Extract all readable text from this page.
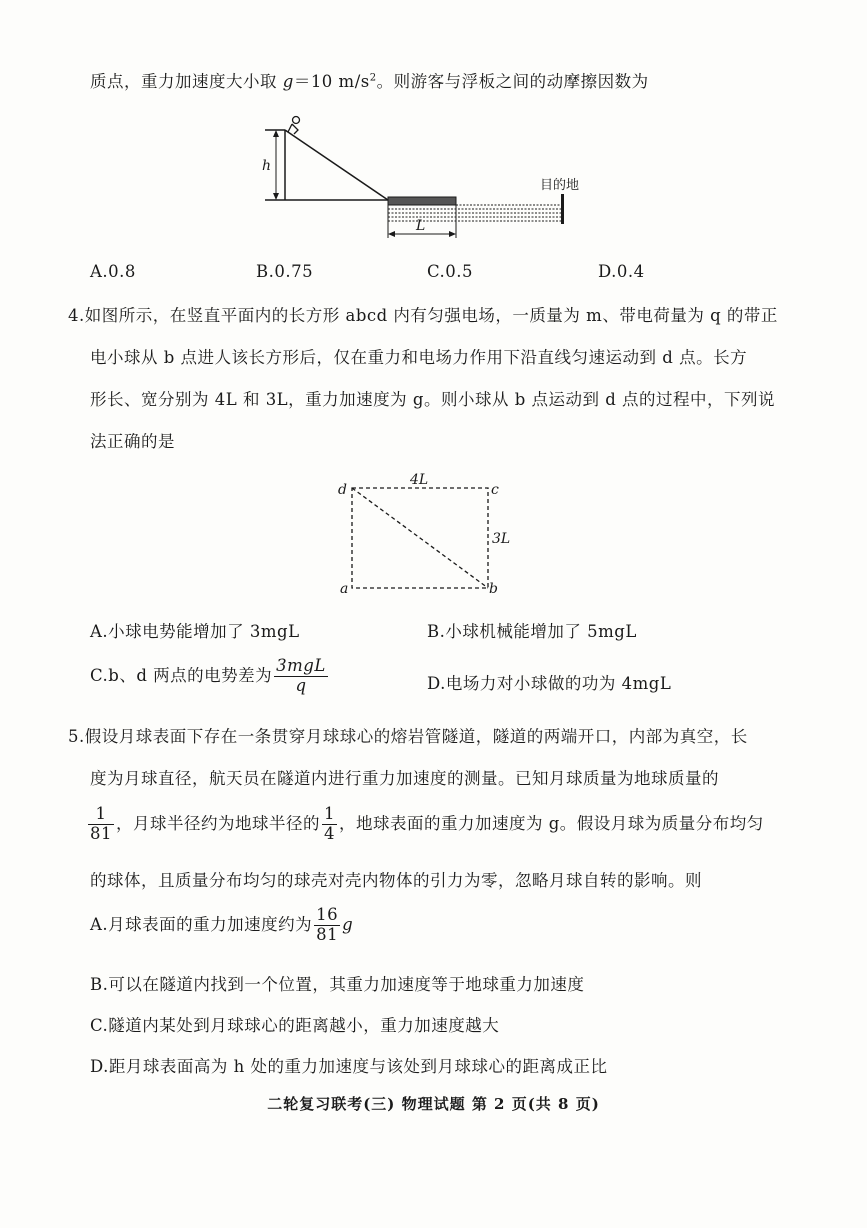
质点，重力加速度大小取 g＝10 $m/s^2$。则游客与浮板之间的动摩擦因数为
h
目的地
L
A.0.8	B.0.75	C.0.5	D.0.4
4.如图所示，在竖直平面内的长方形 abcd 内有匀强电场，一质量为 m、带电荷量为 q 的带正
电小球从 b 点进人该长方形后，仅在重力和电场力作用下沿直线匀速运动到 d 点。长方
形长、宽分别为 4L 和 3L，重力加速度为 g。则小球从 b 点运动到 d 点的过程中，下列说
法正确的是
d	c
a	b
4L
3L
A.小球电势能增加了 3mgL	B.小球机械能增加了 5mgL
C.b、d 两点的电势差为 $\frac{\text{3mgL}}{q}$	D.电场力对小球做的功为 4mgL
5.假设月球表面下存在一条贯穿月球球心的熔岩管隧道，隧道的两端开口，内部为真空，长
度为月球直径，航天员在隧道内进行重力加速度的测量。已知月球质量为地球质量的
$\frac{1}{81}$ ，月球半径约为地球半径的 $\frac{1}{4}$ ，地球表面的重力加速度为 g。假设月球为质量分布均匀
的球体，且质量分布均匀的球壳对壳内物体的引力为零，忽略月球自转的影响。则
A.月球表面的重力加速度约为 $\frac{16}{81}$ g
B.可以在隧道内找到一个位置，其重力加速度等于地球重力加速度
C.隧道内某处到月球球心的距离越小，重力加速度越大
D.距月球表面高为 h 处的重力加速度与该处到月球球心的距离成正比
二轮复习联考(三) 物理试题 第 2 页(共 8 页)
